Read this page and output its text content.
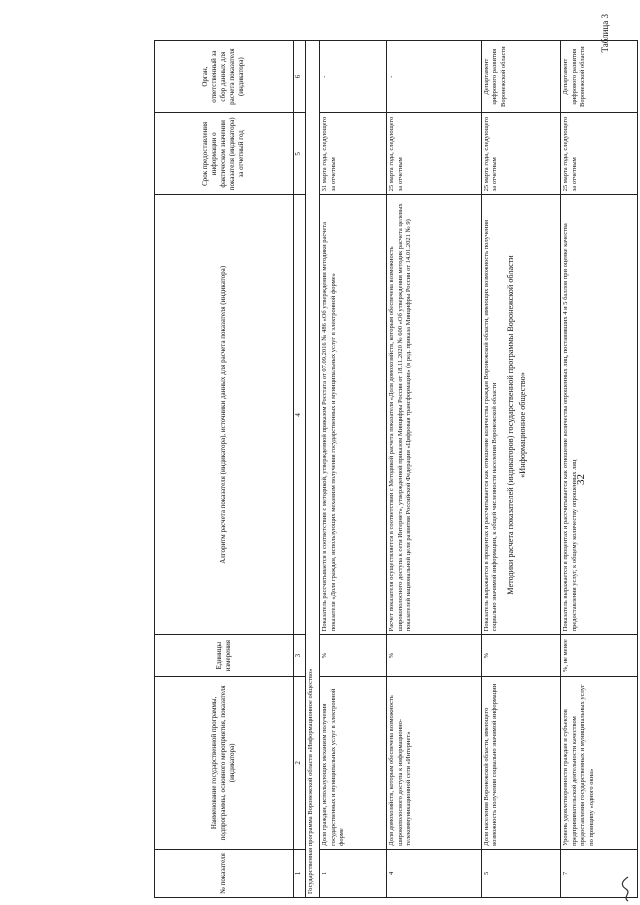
32
Таблица 3
Методики расчета показателей (индикаторов) государственной программы Воронежской области «Информационное общество»
№ показателя	Наименование государственной программы, подпрограммы, основного мероприятия, показателя (индикатора)	Единицы измерения	Алгоритм расчета показателя (индикатора), источники данных для расчета показателя (индикатора)	Срок предоставления информации о фактическом значении показателя (индикатора) за отчетный год	Орган, ответственный за сбор данных для расчета показателя (индикатора)
1	2	3	4	5	6
Государственная программа Воронежской области «Информационное общество»					
1	Доля граждан, использующих механизм получения государственных и муниципальных услуг в электронной форме	%	Показатель рассчитывается в соответствии с методикой, утвержденной приказом Росстата от 07.09.2016 № 486 «Об утверждении методики расчета показателя «Доля граждан, использующих механизм получения государственных и муниципальных услуг в электронной форме»	31 марта года, следующего за отчетным	-
4	Доля домохозяйств, которым обеспечена возможность широкополосного доступа к информационно-телекоммуникационной сети «Интернет»	%	Расчет показателя осуществляется в соответствии с Методикой расчета показателя «Доля домохозяйств, которым обеспечена возможность широкополосного доступа к сети Интернет», утвержденной приказом Минцифры России от 18.11.2020 № 600 «Об утверждении методик расчета целевых показателей национальной цели развития Российской Федерации «Цифровая трансформация» (в ред. приказа Минцифры России от 14.01.2021 № 9)	25 марта года, следующего за отчетным	-
5	Доля населения Воронежской области, имеющего возможность получения социально значимой информации	%	Показатель выражается в процентах и рассчитывается как отношение количества граждан Воронежской области, имеющих возможность получения социально значимой информации, к общей численности населения Воронежской области	25 марта года, следующего за отчетным	Департамент цифрового развития Воронежской области
7	Уровень удовлетворенности граждан и субъектов предпринимательской деятельности качеством предоставления государственных и муниципальных услуг по принципу «одного окна»	%, не менее	Показатель выражается в процентах и рассчитывается как отношение количества опрошенных лиц, поставивших 4 и 5 баллов при оценке качества предоставления услуг, к общему количеству опрошенных лиц	25 марта года, следующего за отчетным	Департамент цифрового развития Воронежской области
